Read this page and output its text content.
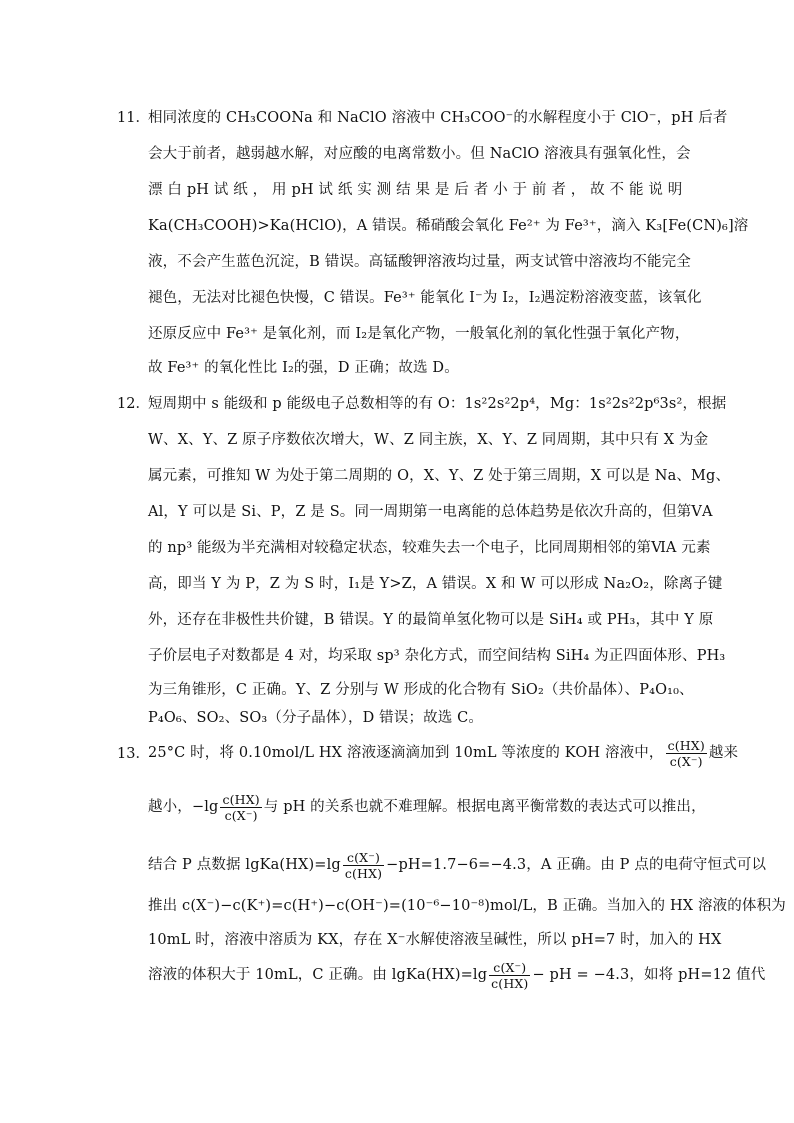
11．
相同浓度的 CH₃COONa 和 NaClO 溶液中 CH₃COO⁻的水解程度小于 ClO⁻，pH 后者
会大于前者，越弱越水解，对应酸的电离常数小。但 NaClO 溶液具有强氧化性，会
漂 白 pH 试 纸 ， 用 pH 试 纸 实 测 结 果 是 后 者 小 于 前 者 ， 故 不 能 说 明
Ka(CH₃COOH)>Ka(HClO)，A 错误。稀硝酸会氧化 Fe²⁺ 为 Fe³⁺，滴入 K₃[Fe(CN)₆]溶
液，不会产生蓝色沉淀，B 错误。高锰酸钾溶液均过量，两支试管中溶液均不能完全
褪色，无法对比褪色快慢，C 错误。Fe³⁺ 能氧化 I⁻为 I₂，I₂遇淀粉溶液变蓝，该氧化
还原反应中 Fe³⁺ 是氧化剂，而 I₂是氧化产物，一般氧化剂的氧化性强于氧化产物，
故 Fe³⁺ 的氧化性比 I₂的强，D 正确；故选 D。
12．
短周期中 s 能级和 p 能级电子总数相等的有 O：1s²2s²2p⁴，Mg：1s²2s²2p⁶3s²，根据
W、X、Y、Z 原子序数依次增大，W、Z 同主族，X、Y、Z 同周期，其中只有 X 为金
属元素，可推知 W 为处于第二周期的 O，X、Y、Z 处于第三周期，X 可以是 Na、Mg、
Al，Y 可以是 Si、P，Z 是 S。同一周期第一电离能的总体趋势是依次升高的，但第ⅤA
的 np³ 能级为半充满相对较稳定状态，较难失去一个电子，比同周期相邻的第ⅥA 元素
高，即当 Y 为 P，Z 为 S 时，I₁是 Y>Z，A 错误。X 和 W 可以形成 Na₂O₂，除离子键
外，还存在非极性共价键，B 错误。Y 的最简单氢化物可以是 SiH₄ 或 PH₃，其中 Y 原
子价层电子对数都是 4 对，均采取 sp³ 杂化方式，而空间结构 SiH₄ 为正四面体形、PH₃
为三角锥形，C 正确。Y、Z 分别与 W 形成的化合物有 SiO₂（共价晶体）、P₄O₁₀、
P₄O₆、SO₂、SO₃（分子晶体），D 错误；故选 C。
13．
25°C 时，将 0.10mol/L HX 溶液逐滴滴加到 10mL 等浓度的 KOH 溶液中， $\frac{c(HX)}{c(X^-)}$ 越来
越小，$-\lg \frac{c(HX)}{c(X^-)}$ 与 pH 的关系也就不难理解。根据电离平衡常数的表达式可以推出，
结合 P 点数据 lgKa(HX)=lg $\frac{c(X^-)}{c(HX)} -pH=1.7-6=-4.3$，A 正确。由 P 点的电荷守恒式可以
推出 c(X⁻)−c(K⁺)=c(H⁺)−c(OH⁻)=(10⁻⁶−10⁻⁸)mol/L，B 正确。当加入的 HX 溶液的体积为
10mL 时，溶液中溶质为 KX，存在 X⁻水解使溶液呈碱性，所以 pH=7 时，加入的 HX
溶液的体积大于 10mL，C 正确。由 lgKa(HX)=lg $\frac{c(X^-)}{c(HX)}$ − pH = −4.3，如将 pH=12 值代
